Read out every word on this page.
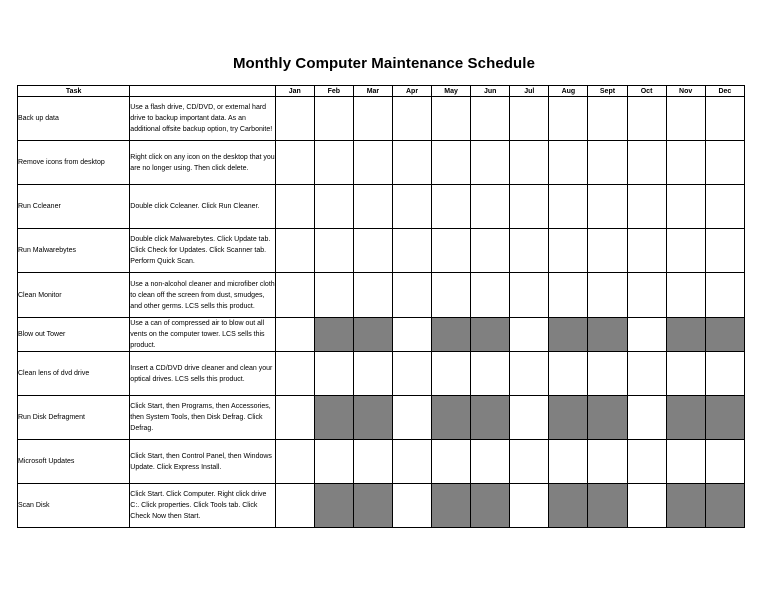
Monthly Computer Maintenance Schedule
Task		Jan	Feb	Mar	Apr	May	Jun	Jul	Aug	Sept	Oct	Nov	Dec
Back up data	Use a flash drive, CD/DVD, or external hard drive to backup important data. As an additional offsite backup option, try Carbonite!												
Remove icons from desktop	Right click on any icon on the desktop that you are no longer using. Then click delete.												
Run Ccleaner	Double click Ccleaner. Click Run Cleaner.												
Run Malwarebytes	Double click Malwarebytes. Click Update tab. Click Check for Updates. Click Scanner tab. Perform Quick Scan.												
Clean Monitor	Use a non-alcohol cleaner and microfiber cloth to clean off the screen from dust, smudges, and other germs. LCS sells this product.												
Blow out Tower	Use a can of compressed air to blow out all vents on the computer tower. LCS sells this product.												
Clean lens of dvd drive	Insert a CD/DVD drive cleaner and clean your optical drives. LCS sells this product.												
Run Disk Defragment	Click Start, then Programs, then Accessories, then System Tools, then Disk Defrag. Click Defrag.												
Microsoft Updates	Click Start, then Control Panel, then Windows Update. Click Express Install.												
Scan Disk	Click Start. Click Computer. Right click drive C:. Click properties. Click Tools tab. Click Check Now then Start.												
